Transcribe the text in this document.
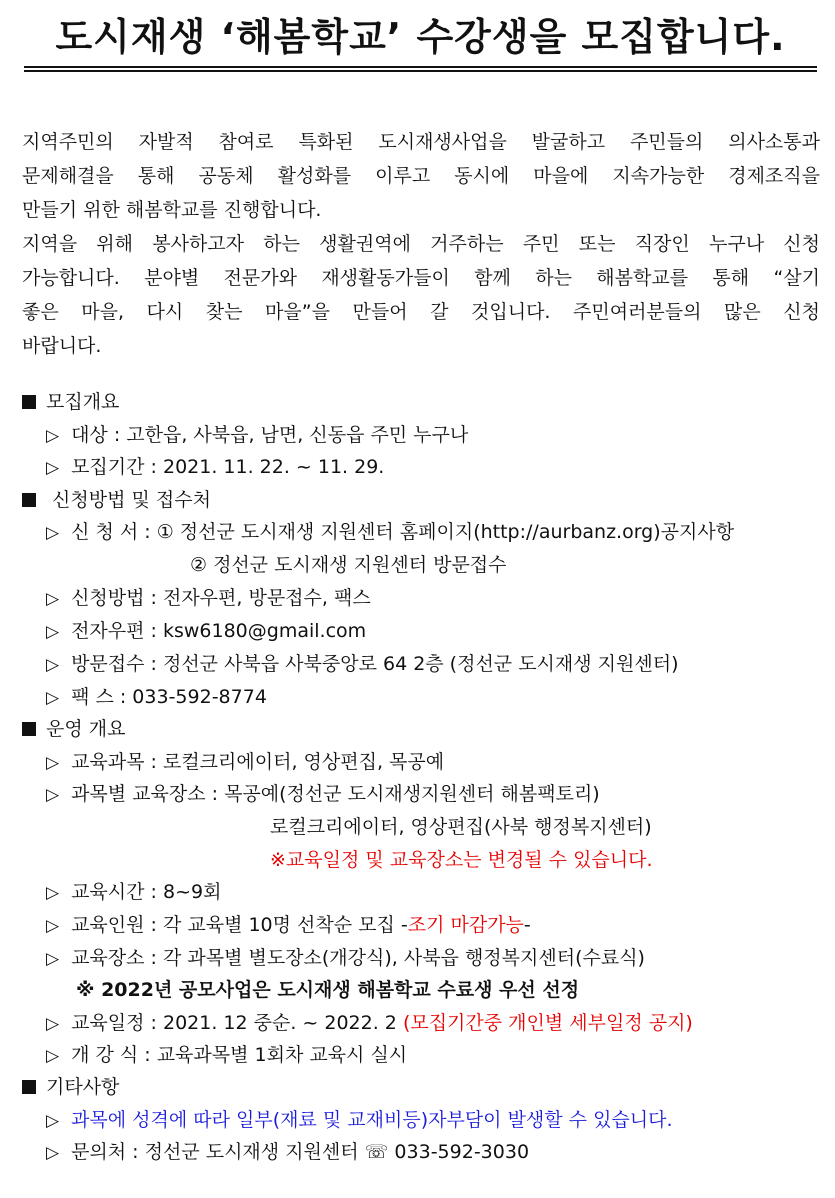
도시재생 ‘해봄학교’ 수강생을 모집합니다.
지역주민의 자발적 참여로 특화된 도시재생사업을 발굴하고 주민들의 의사소통과
문제해결을 통해 공동체 활성화를 이루고 동시에 마을에 지속가능한 경제조직을
만들기 위한 해봄학교를 진행합니다.
지역을 위해 봉사하고자 하는 생활권역에 거주하는 주민 또는 직장인 누구나 신청
가능합니다. 분야별 전문가와 재생활동가들이 함께 하는 해봄학교를 통해 “살기
좋은 마을, 다시 찾는 마을”을 만들어 갈 것입니다. 주민여러분들의 많은 신청
바랍니다.
모집개요
▷ 대상 : 고한읍, 사북읍, 남면, 신동읍 주민 누구나
▷ 모집기간 : 2021. 11. 22. ~ 11. 29.
신청방법 및 접수처
▷ 신 청 서 : ① 정선군 도시재생 지원센터 홈페이지(http://aurbanz.org)공지사항
② 정선군 도시재생 지원센터 방문접수
▷ 신청방법 : 전자우편, 방문접수, 팩스
▷ 전자우편 : ksw6180@gmail.com
▷ 방문접수 : 정선군 사북읍 사북중앙로 64 2층 (정선군 도시재생 지원센터)
▷ 팩 스 : 033-592-8774
운영 개요
▷ 교육과목 : 로컬크리에이터, 영상편집, 목공예
▷ 과목별 교육장소 : 목공예(정선군 도시재생지원센터 해봄팩토리)
로컬크리에이터, 영상편집(사북 행정복지센터)
※교육일정 및 교육장소는 변경될 수 있습니다.
▷ 교육시간 : 8~9회
▷ 교육인원 : 각 교육별 10명 선착순 모집 -조기 마감가능-
▷ 교육장소 : 각 과목별 별도장소(개강식), 사북읍 행정복지센터(수료식)
※ 2022년 공모사업은 도시재생 해봄학교 수료생 우선 선정
▷ 교육일정 : 2021. 12 중순. ~ 2022. 2 (모집기간중 개인별 세부일정 공지)
▷ 개 강 식 : 교육과목별 1회차 교육시 실시
기타사항
▷ 과목에 성격에 따라 일부(재료 및 교재비등)자부담이 발생할 수 있습니다.
▷ 문의처 : 정선군 도시재생 지원센터 ☏ 033-592-3030
